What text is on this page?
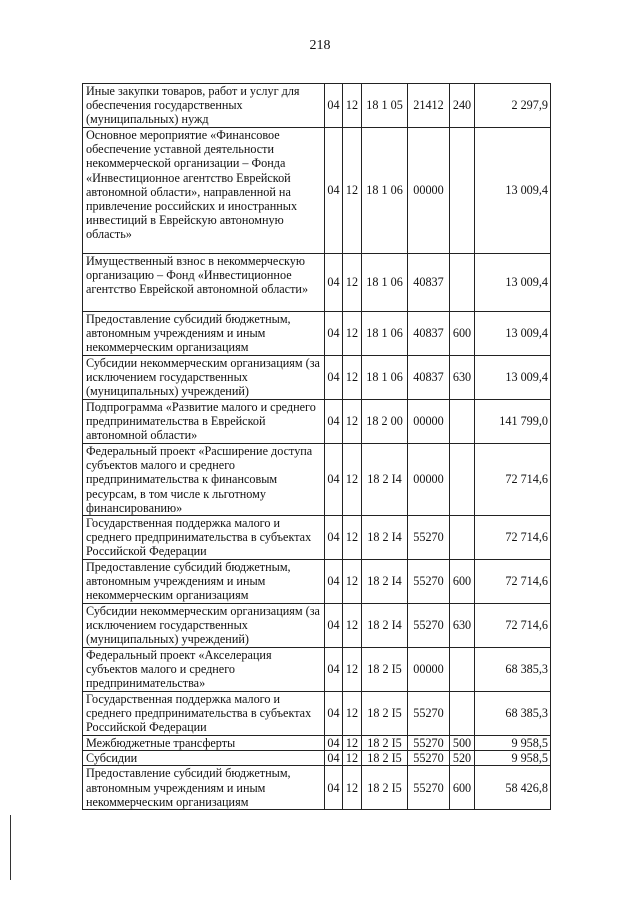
218
Иные закупки товаров, работ и услуг для обеспечения государственных (муниципальных) нужд	04	12	18 1 05	21412	240	2 297,9
Основное мероприятие «Финансовое обеспечение уставной деятельности некоммерческой организации – Фонда «Инвестиционное агентство Еврейской автономной области», направленной на привлечение российских и иностранных инвестиций в Еврейскую автономную область»	04	12	18 1 06	00000		13 009,4
Имущественный взнос в некоммерческую организацию – Фонд «Инвестиционное агентство Еврейской автономной области»	04	12	18 1 06	40837		13 009,4
Предоставление субсидий бюджетным, автономным учреждениям и иным некоммерческим организациям	04	12	18 1 06	40837	600	13 009,4
Субсидии некоммерческим организациям (за исключением государственных (муниципальных) учреждений)	04	12	18 1 06	40837	630	13 009,4
Подпрограмма «Развитие малого и среднего предпринимательства в Еврейской автономной области»	04	12	18 2 00	00000		141 799,0
Федеральный проект «Расширение доступа субъектов малого и среднего предпринимательства к финансовым ресурсам, в том числе к льготному финансированию»	04	12	18 2 I4	00000		72 714,6
Государственная поддержка малого и среднего предпринимательства в субъектах Российской Федерации	04	12	18 2 I4	55270		72 714,6
Предоставление субсидий бюджетным, автономным учреждениям и иным некоммерческим организациям	04	12	18 2 I4	55270	600	72 714,6
Субсидии некоммерческим организациям (за исключением государственных (муниципальных) учреждений)	04	12	18 2 I4	55270	630	72 714,6
Федеральный проект «Акселерация субъектов малого и среднего предпринимательства»	04	12	18 2 I5	00000		68 385,3
Государственная поддержка малого и среднего предпринимательства в субъектах Российской Федерации	04	12	18 2 I5	55270		68 385,3
Межбюджетные трансферты	04	12	18 2 I5	55270	500	9 958,5
Субсидии	04	12	18 2 I5	55270	520	9 958,5
Предоставление субсидий бюджетным, автономным учреждениям и иным некоммерческим организациям	04	12	18 2 I5	55270	600	58 426,8
